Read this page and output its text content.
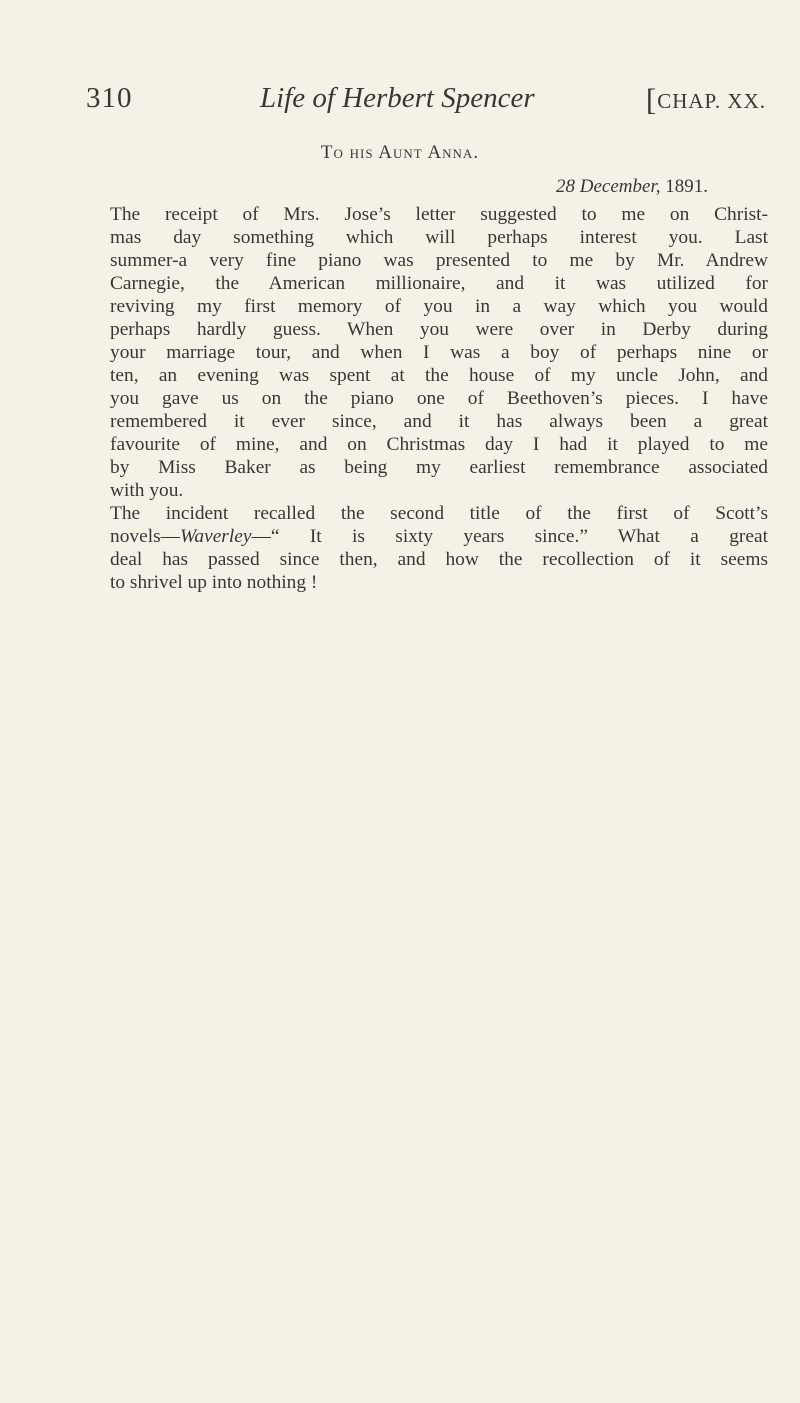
310	Life of Herbert Spencer	[CHAP. XX.
To his Aunt Anna.
28 December, 1891.

The receipt of Mrs. Jose’s letter suggested to me on Christ-
mas day something which will perhaps interest you. Last
summer-a very fine piano was presented to me by Mr. Andrew
Carnegie, the American millionaire, and it was utilized for
reviving my first memory of you in a way which you would
perhaps hardly guess. When you were over in Derby during
your marriage tour, and when I was a boy of perhaps nine or
ten, an evening was spent at the house of my uncle John, and
you gave us on the piano one of Beethoven’s pieces. I have
remembered it ever since, and it has always been a great
favourite of mine, and on Christmas day I had it played to me
by Miss Baker as being my earliest remembrance associated
with you.

The incident recalled the second title of the first of Scott’s
novels—Waverley—“ It is sixty years since.” What a great
deal has passed since then, and how the recollection of it seems
to shrivel up into nothing !
